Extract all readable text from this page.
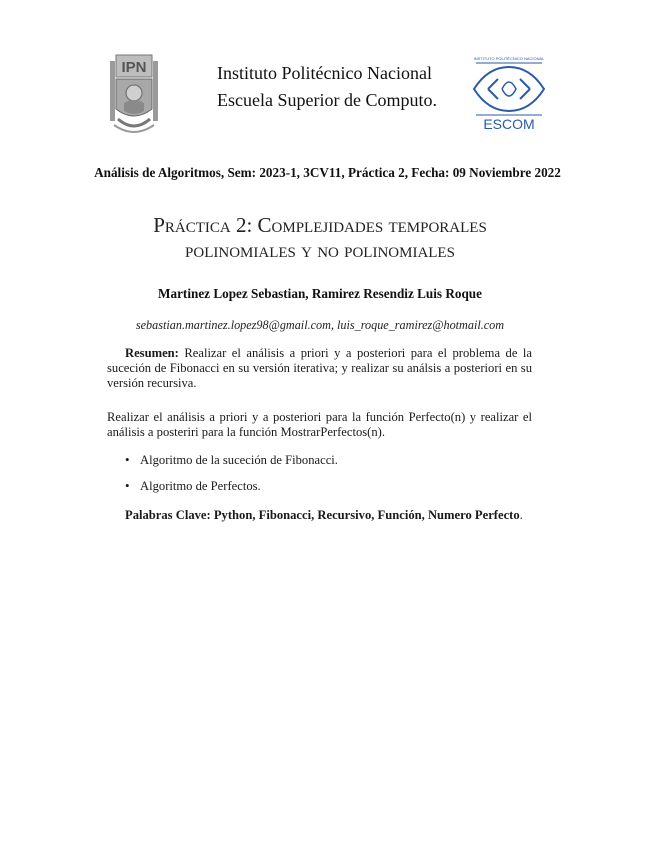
IPN	Instituto Politécnico Nacional
Escuela Superior de Computo.
INSTITUTO POLITÉCNICO NACIONAL
ESCOM
Análisis de Algoritmos, Sem: 2023-1, 3CV11, Práctica 2, Fecha: 09 Noviembre 2022
Práctica 2: Complejidades temporales
polinomiales y no polinomiales
Martinez Lopez Sebastian, Ramirez Resendiz Luis Roque
sebastian.martinez.lopez98@gmail.com, luis_roque_ramirez@hotmail.com
Resumen: Realizar el análisis a priori y a posteriori para el problema de la suceción de Fibonacci en su versión iterativa; y realizar su análsis a posteriori en su versión recursiva.
Realizar el análisis a priori y a posteriori para la función Perfecto(n) y realizar el análisis a posteriri para la función MostrarPerfectos(n).
• Algoritmo de la suceción de Fibonacci.
• Algoritmo de Perfectos.
Palabras Clave: Python, Fibonacci, Recursivo, Función, Numero Perfecto.
